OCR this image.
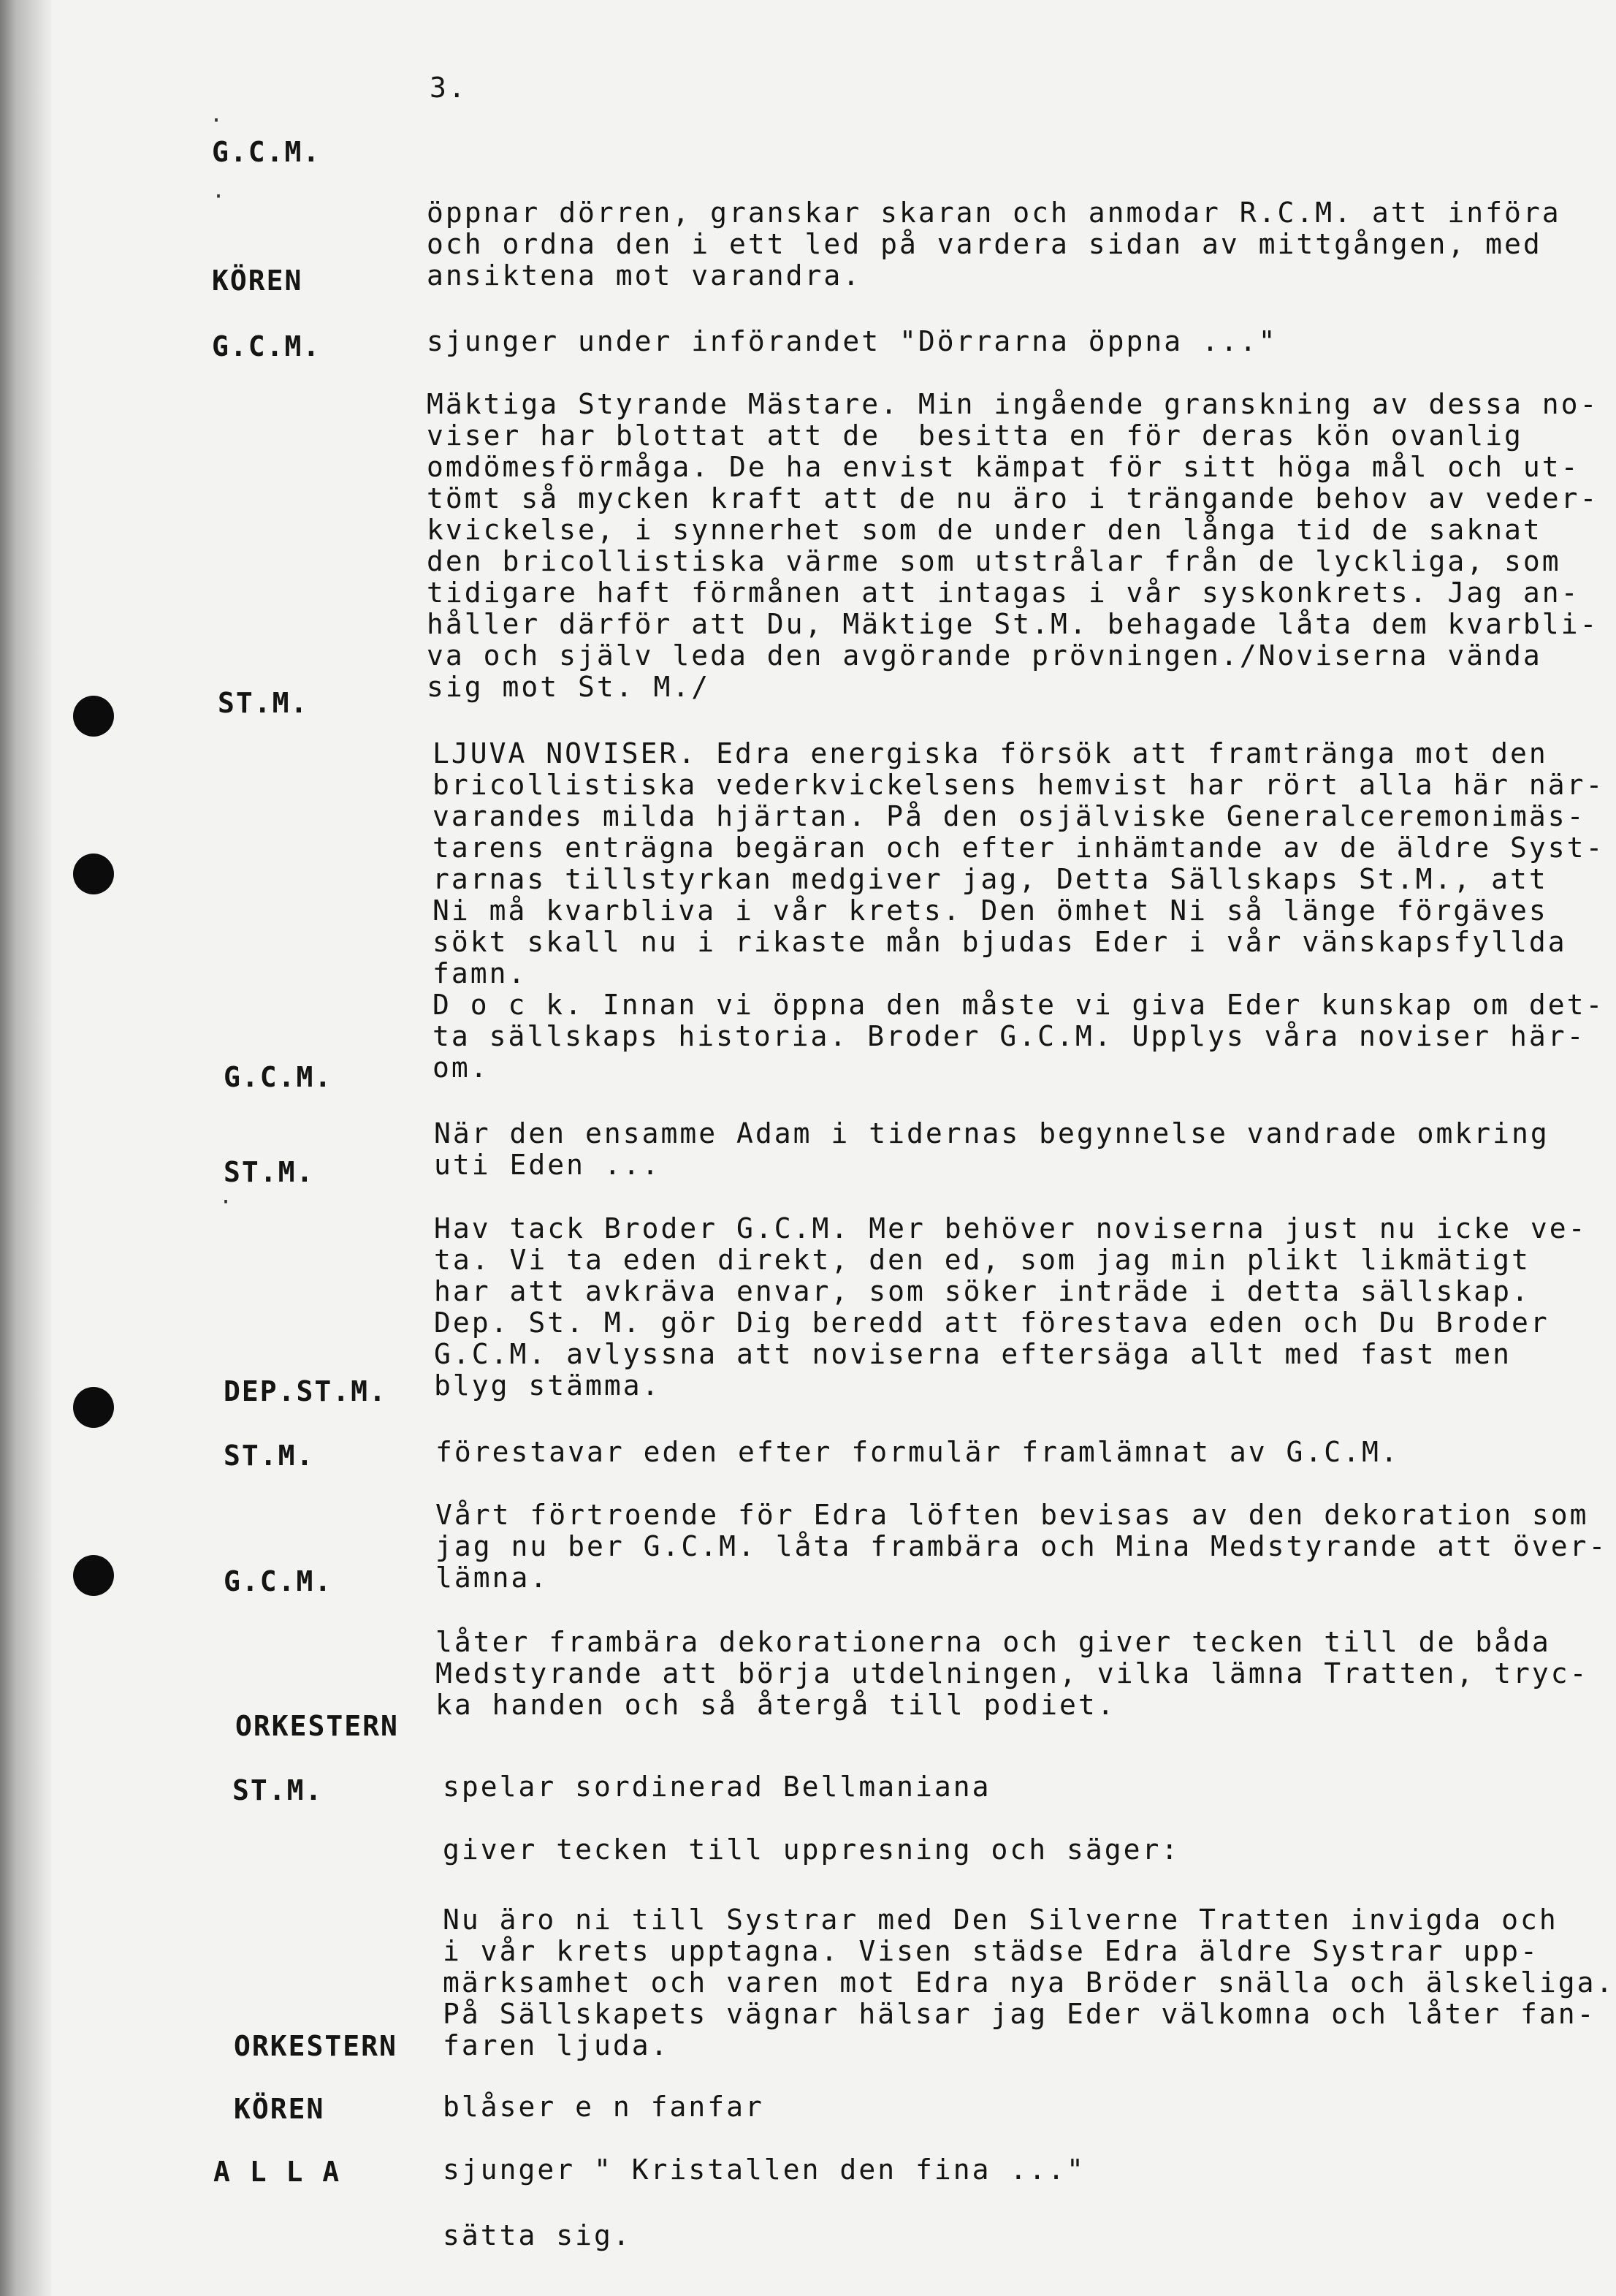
3.
·
·
·
G.C.M.

öppnar dörren, granskar skaran och anmodar R.C.M. att införa

och ordna den i ett led på vardera sidan av mittgången, med

ansiktena mot varandra.

KÖREN

sjunger under införandet "Dörrarna öppna ..."

G.C.M.

Mäktiga Styrande Mästare. Min ingående granskning av dessa no-

viser har blottat att de  besitta en för deras kön ovanlig

omdömesförmåga. De ha envist kämpat för sitt höga mål och ut-

tömt så mycken kraft att de nu äro i trängande behov av veder-

kvickelse, i synnerhet som de under den långa tid de saknat

den bricollistiska värme som utstrålar från de lyckliga, som

tidigare haft förmånen att intagas i vår syskonkrets. Jag an-

håller därför att Du, Mäktige St.M. behagade låta dem kvarbli-

va och själv leda den avgörande prövningen./Noviserna vända

sig mot St. M./

ST.M.

LJUVA NOVISER. Edra energiska försök att framtränga mot den

bricollistiska vederkvickelsens hemvist har rört alla här när-

varandes milda hjärtan. På den osjälviske Generalceremonimäs-

tarens enträgna begäran och efter inhämtande av de äldre Syst-

rarnas tillstyrkan medgiver jag, Detta Sällskaps St.M., att

Ni må kvarbliva i vår krets. Den ömhet Ni så länge förgäves

sökt skall nu i rikaste mån bjudas Eder i vår vänskapsfyllda

famn.

D o c k. Innan vi öppna den måste vi giva Eder kunskap om det-

ta sällskaps historia. Broder G.C.M. Upplys våra noviser här-

om.

G.C.M.

När den ensamme Adam i tidernas begynnelse vandrade omkring

uti Eden ...

ST.M.

Hav tack Broder G.C.M. Mer behöver noviserna just nu icke ve-

ta. Vi ta eden direkt, den ed, som jag min plikt likmätigt

har att avkräva envar, som söker inträde i detta sällskap.

Dep. St. M. gör Dig beredd att förestava eden och Du Broder

G.C.M. avlyssna att noviserna eftersäga allt med fast men

blyg stämma.

DEP.ST.M.

förestavar eden efter formulär framlämnat av G.C.M.

ST.M.

Vårt förtroende för Edra löften bevisas av den dekoration som

jag nu ber G.C.M. låta frambära och Mina Medstyrande att över-

lämna.

G.C.M.

låter frambära dekorationerna och giver tecken till de båda

Medstyrande att börja utdelningen, vilka lämna Tratten, tryc-

ka handen och så återgå till podiet.

ORKESTERN

spelar sordinerad Bellmaniana

ST.M.

giver tecken till uppresning och säger:

Nu äro ni till Systrar med Den Silverne Tratten invigda och

i vår krets upptagna. Visen städse Edra äldre Systrar upp-

märksamhet och varen mot Edra nya Bröder snälla och älskeliga.

På Sällskapets vägnar hälsar jag Eder välkomna och låter fan-

faren ljuda.

ORKESTERN

blåser e n fanfar

KÖREN

sjunger " Kristallen den fina ..."

A L L A

sätta sig.
